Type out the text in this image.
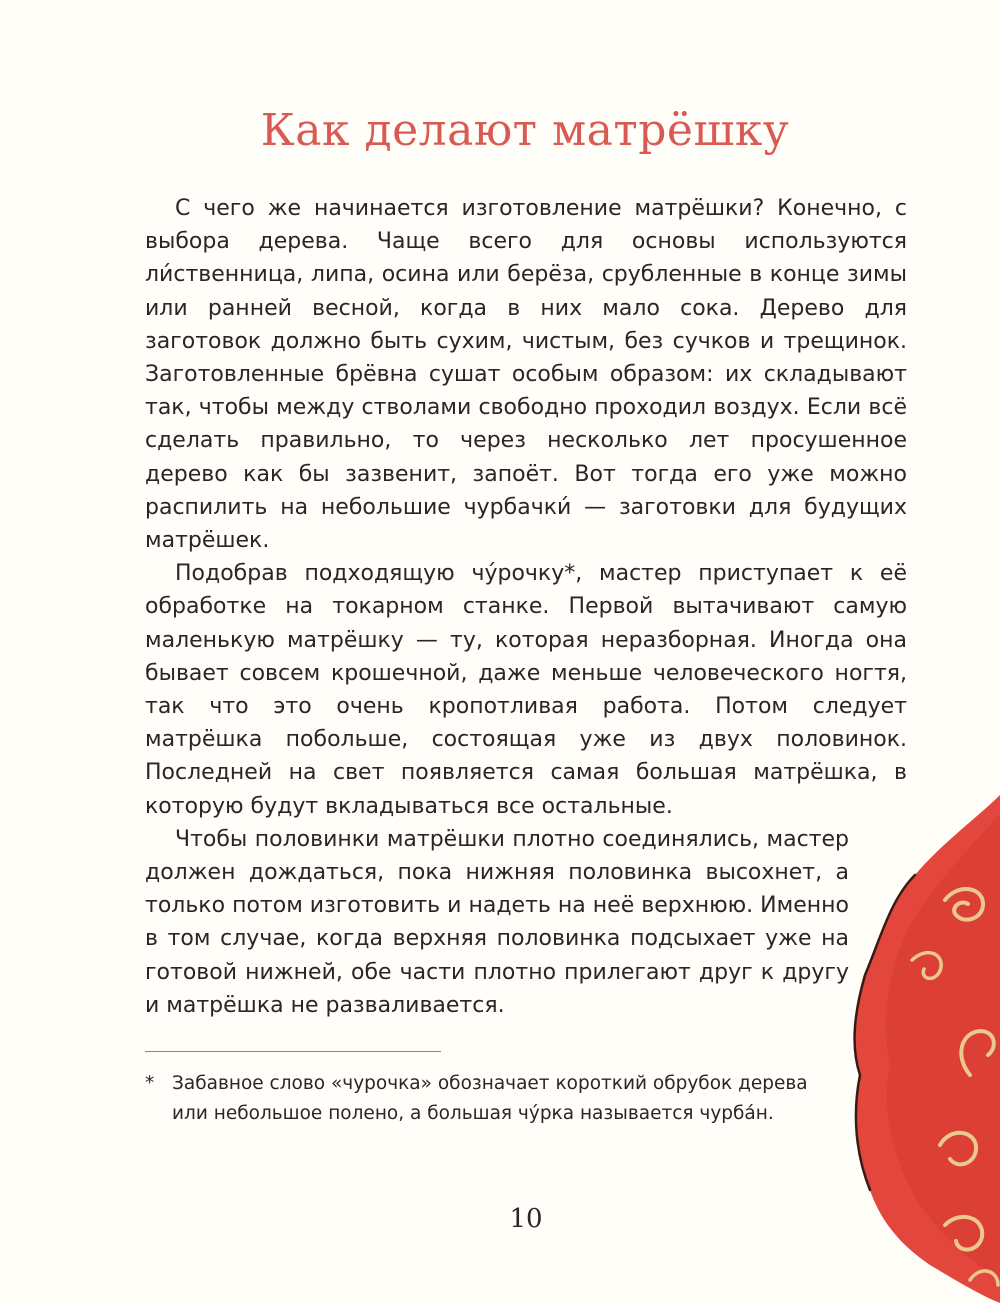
Как делают матрёшку

С чего же начинается изготовление матрёшки? Конечно, с выбора дерева. Чаще всего для основы используются ли́ственница, липа, осина или берёза, срубленные в конце зимы или ранней весной, когда в них мало сока. Дерево для заготовок должно быть сухим, чистым, без сучков и трещинок. Заготовленные брёвна сушат особым образом: их складывают так, чтобы между стволами свободно проходил воздух. Если всё сделать правильно, то через несколько лет просушенное дерево как бы зазвенит, запоёт. Вот тогда его уже можно распилить на небольшие чурбачки́ — заготовки для будущих матрёшек.

Подобрав подходящую чу́рочку*, мастер приступает к её обработке на токарном станке. Первой вытачивают самую маленькую матрёшку — ту, которая неразборная. Иногда она бывает совсем крошечной, даже меньше человеческого ногтя, так что это очень кропотливая работа. Потом следует матрёшка побольше, состоящая уже из двух половинок. Последней на свет появляется самая большая матрёшка, в которую будут вкладываться все остальные.

Чтобы половинки матрёшки плотно соединялись, мастер должен дождаться, пока нижняя половинка высохнет, а только потом изготовить и надеть на неё верхнюю. Именно в том случае, когда верхняя половинка подсыхает уже на готовой нижней, обе части плотно прилегают друг к другу и матрёшка не разваливается.

* Забавное слово «чурочка» обозначает короткий обрубок дерева или небольшое полено, а большая чу́рка называется чурба́н.
10
